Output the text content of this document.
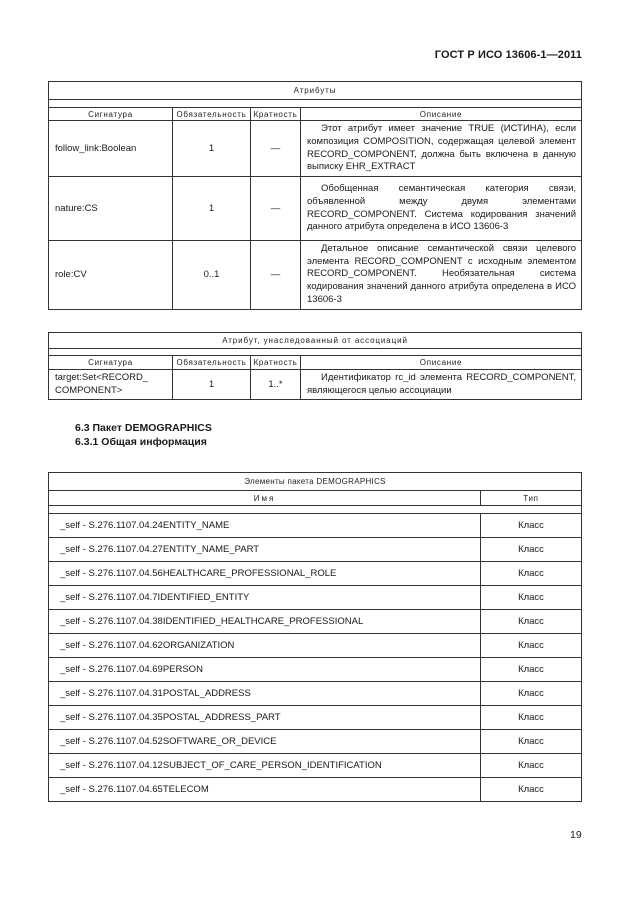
ГОСТ Р ИСО 13606-1—2011
Атрибуты			

Сигнатура	Обязательность	Кратность	Описание
follow_link:Boolean	1	—	Этот атрибут имеет значение TRUE (ИСТИНА), если композиция COMPOSITION, содержащая целевой элемент RECORD_COMPONENT, должна быть включена в данную выписку EHR_EXTRACT
nature:CS	1	—	Обобщенная семантическая категория связи, объявленной между двумя элементами RECORD_COMPONENT. Система кодирования значений данного атрибута определена в ИСО 13606-3
role:CV	0..1	—	Детальное описание семантической связи целевого элемента RECORD_COMPONENT с исходным элементом RECORD_COMPONENT. Необязательная система кодирования значений данного атрибута определена в ИСО 13606-3
Атрибут, унаследованный от ассоциаций			

Сигнатура	Обязательность	Кратность	Описание
target:Set<RECORD_ COMPONENT>	1	1..*	Идентификатор rc_id элемента RECORD_COMPONENT, являющегося целью ассоциации
6.3 Пакет DEMOGRAPHICS
6.3.1 Общая информация
Элементы пакета DEMOGRAPHICS	
Имя	Тип

_self - S.276.1107.04.24ENTITY_NAME	Класс
_self - S.276.1107.04.27ENTITY_NAME_PART	Класс
_self - S.276.1107.04.56HEALTHCARE_PROFESSIONAL_ROLE	Класс
_self - S.276.1107.04.7IDENTIFIED_ENTITY	Класс
_self - S.276.1107.04.38IDENTIFIED_HEALTHCARE_PROFESSIONAL	Класс
_self - S.276.1107.04.62ORGANIZATION	Класс
_self - S.276.1107.04.69PERSON	Класс
_self - S.276.1107.04.31POSTAL_ADDRESS	Класс
_self - S.276.1107.04.35POSTAL_ADDRESS_PART	Класс
_self - S.276.1107.04.52SOFTWARE_OR_DEVICE	Класс
_self - S.276.1107.04.12SUBJECT_OF_CARE_PERSON_IDENTIFICATION	Класс
_self - S.276.1107.04.65TELECOM	Класс
19
